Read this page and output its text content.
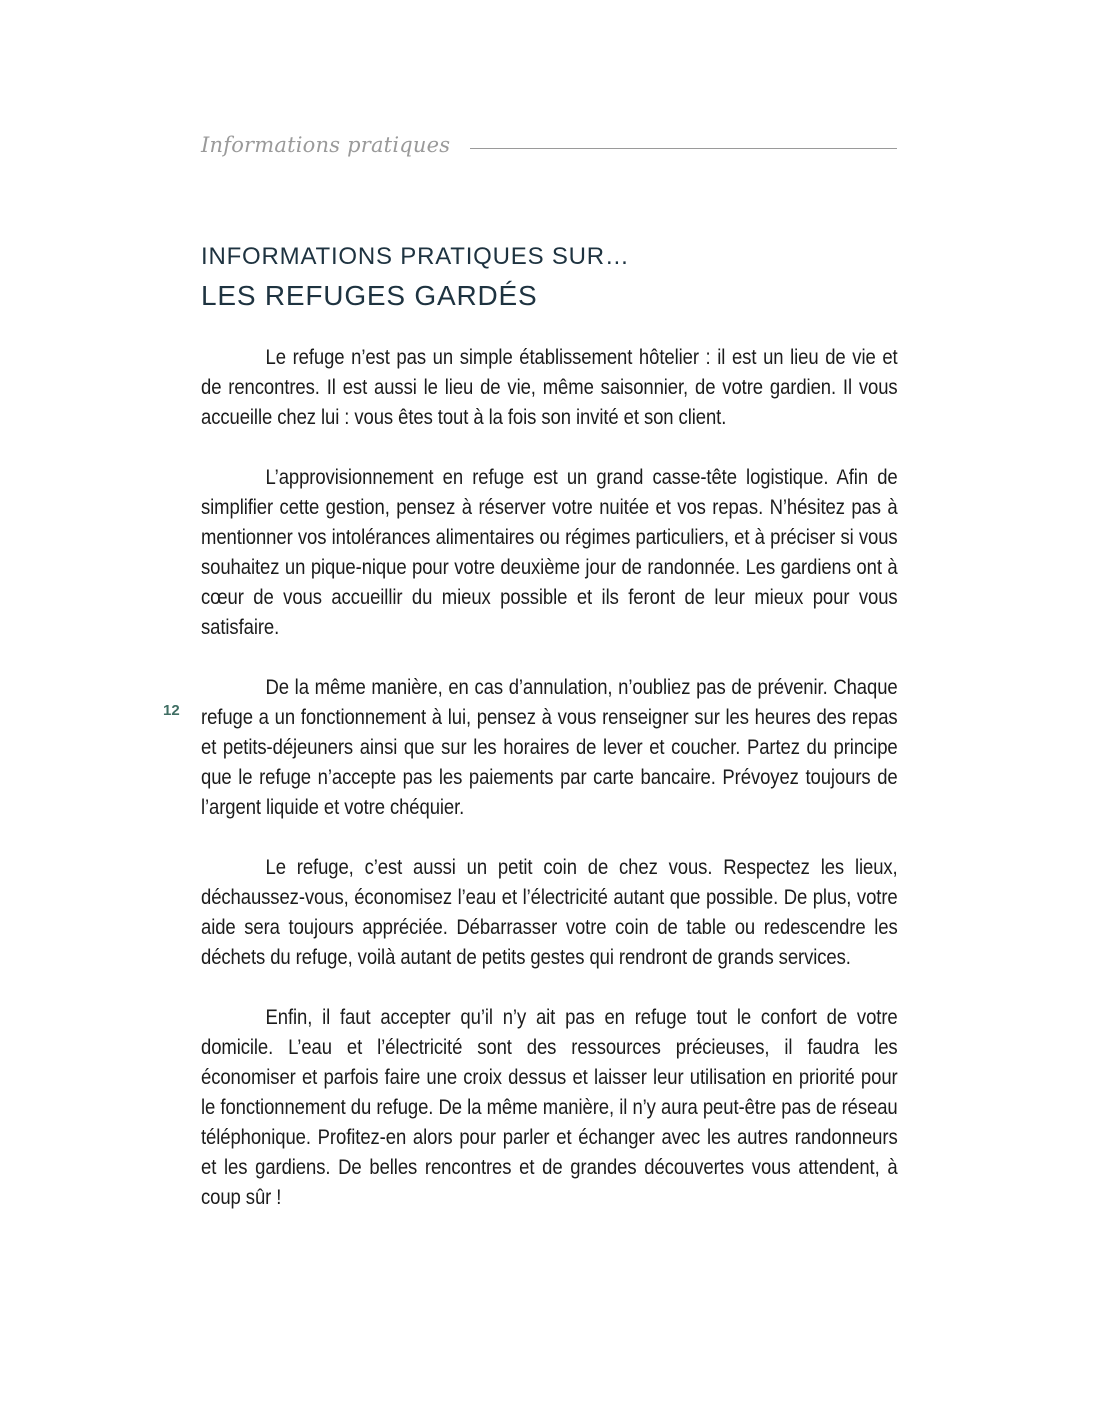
Informations pratiques
INFORMATIONS PRATIQUES SUR…
LES REFUGES GARDÉS
12

Le refuge n’est pas un simple établissement hôtelier : il est un lieu de vie et de rencontres. Il est aussi le lieu de vie, même saisonnier, de votre gardien. Il vous accueille chez lui : vous êtes tout à la fois son invité et son client.

L’approvisionnement en refuge est un grand casse-tête logistique. Afin de simplifier cette gestion, pensez à réserver votre nuitée et vos repas. N’hésitez pas à mentionner vos intolérances alimentaires ou régimes particuliers, et à préciser si vous souhaitez un pique-nique pour votre deuxième jour de randonnée. Les gardiens ont à cœur de vous accueillir du mieux possible et ils feront de leur mieux pour vous satisfaire.

De la même manière, en cas d’annulation, n’oubliez pas de prévenir. Chaque refuge a un fonctionnement à lui, pensez à vous renseigner sur les heures des repas et petits-déjeuners ainsi que sur les horaires de lever et coucher. Partez du principe que le refuge n’accepte pas les paiements par carte bancaire. Prévoyez toujours de l’argent liquide et votre chéquier.

Le refuge, c’est aussi un petit coin de chez vous. Respectez les lieux, déchaussez-vous, économisez l’eau et l’électricité autant que possible. De plus, votre aide sera toujours appréciée. Débarrasser votre coin de table ou redescendre les déchets du refuge, voilà autant de petits gestes qui rendront de grands services.

Enfin, il faut accepter qu’il n’y ait pas en refuge tout le confort de votre domicile. L’eau et l’électricité sont des ressources précieuses, il faudra les économiser et parfois faire une croix dessus et laisser leur utilisation en priorité pour le fonctionnement du refuge. De la même manière, il n’y aura peut-être pas de réseau téléphonique. Profitez-en alors pour parler et échanger avec les autres randonneurs et les gardiens. De belles rencontres et de grandes découvertes vous attendent, à coup sûr !
